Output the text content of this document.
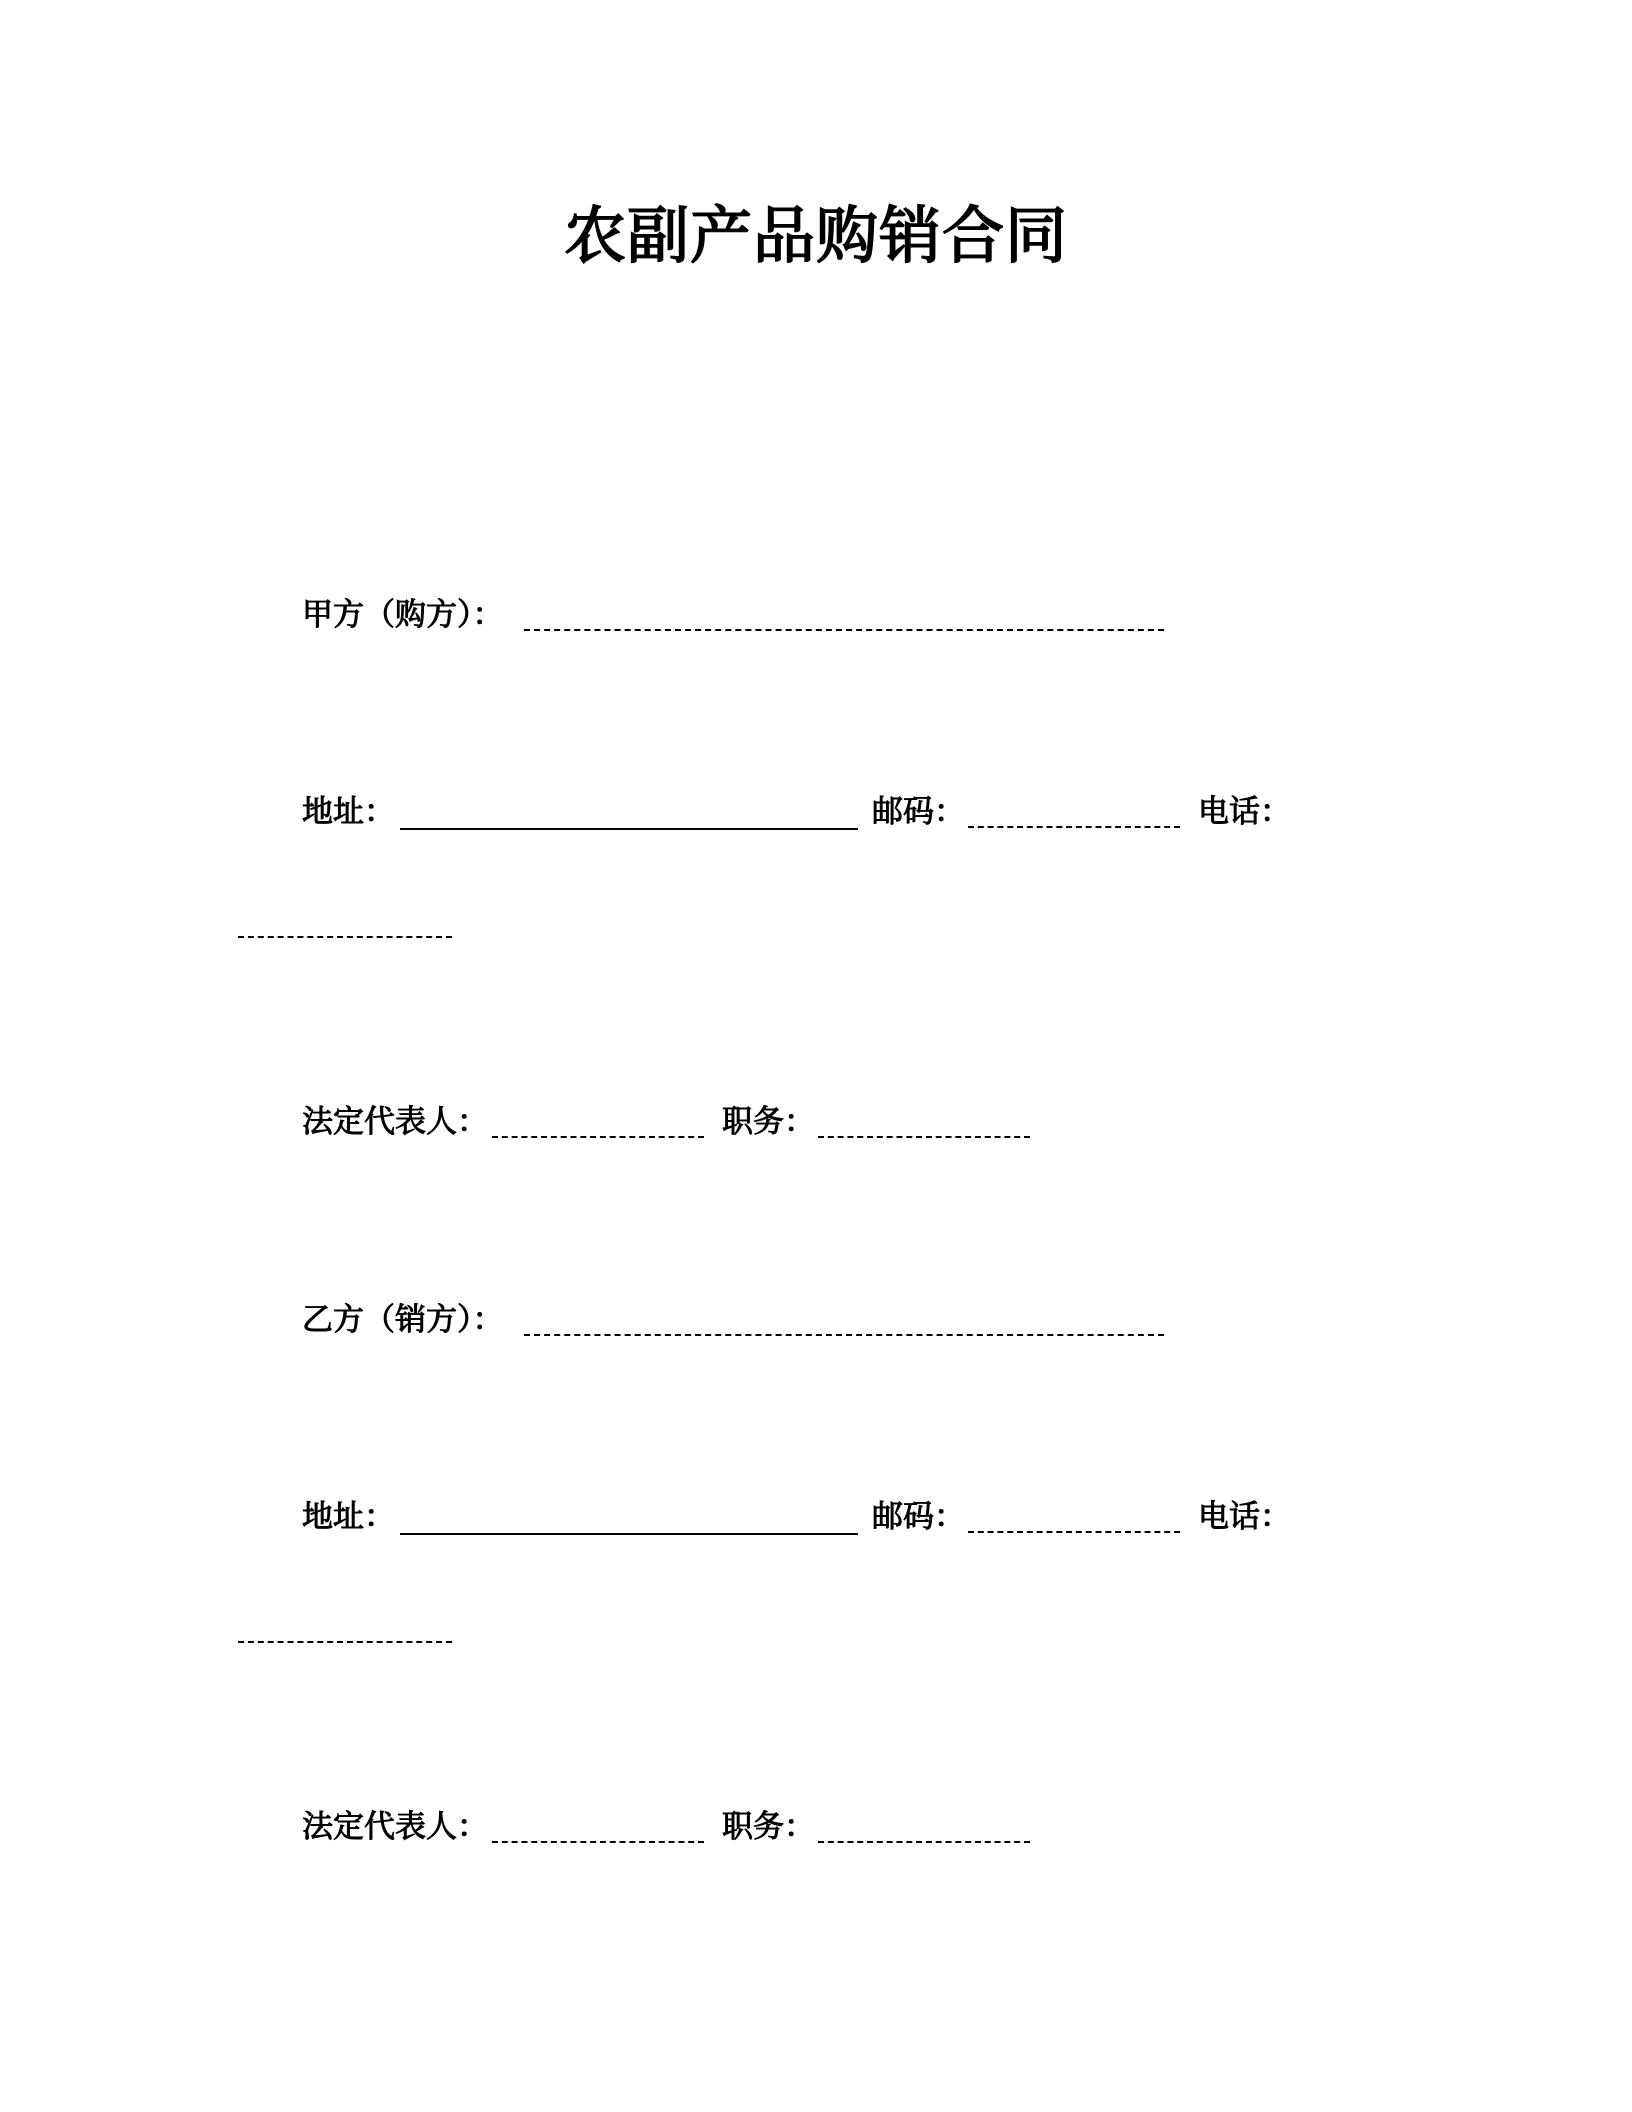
农副产品购销合同
甲方（购方）：
地址：	邮码：	电话：
法定代表人：	职务：
乙方（销方）：
地址：	邮码：	电话：
法定代表人：	职务：
